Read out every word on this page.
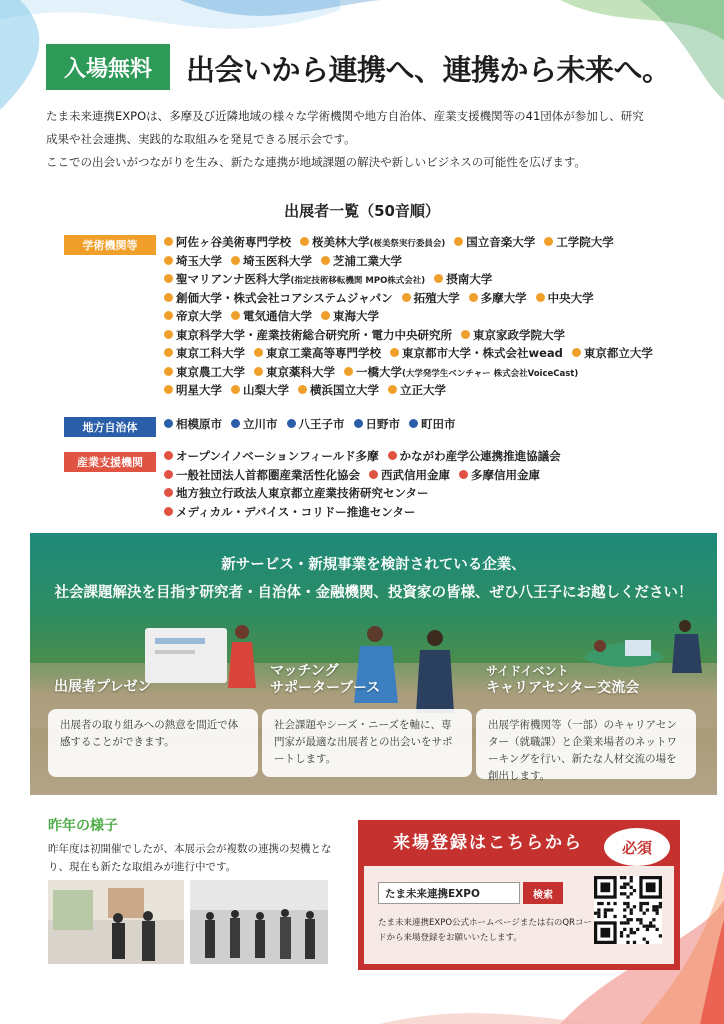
入場無料	出会いから連携へ、連携から未来へ。
たま未来連携EXPOは、多摩及び近隣地域の様々な学術機関や地方自治体、産業支援機関等の41団体が参加し、研究
成果や社会連携、実践的な取組みを発見できる展示会です。
ここでの出会いがつながりを生み、新たな連携が地域課題の解決や新しいビジネスの可能性を広げます。
出展者一覧（50音順）
学術機関等	阿佐ヶ谷美術専門学校 桜美林大学(桜美祭実行委員会) 国立音楽大学 工学院大学
埼玉大学 埼玉医科大学 芝浦工業大学
聖マリアンナ医科大学(指定技術移転機関 MPO株式会社) 摂南大学
創価大学・株式会社コアシステムジャパン 拓殖大学 多摩大学 中央大学
帝京大学 電気通信大学 東海大学
東京科学大学・産業技術総合研究所・電力中央研究所 東京家政学院大学
東京工科大学 東京工業高等専門学校 東京都市大学・株式会社wead 東京都立大学
東京農工大学 東京薬科大学 一橋大学(大学発学生ベンチャー 株式会社VoiceCast)
明星大学 山梨大学 横浜国立大学 立正大学
地方自治体	相模原市 立川市 八王子市 日野市 町田市
産業支援機関	オープンイノベーションフィールド多摩 かながわ産学公連携推進協議会
一般社団法人首都圏産業活性化協会 西武信用金庫 多摩信用金庫
地方独立行政法人東京都立産業技術研究センター
メディカル・デバイス・コリドー推進センター
新サービス・新規事業を検討されている企業、
社会課題解決を目指す研究者・自治体・金融機関、投資家の皆様、ぜひ八王子にお越しください！
出展者プレゼン
出展者の取り組みへの熱意を間近で体感することができます。
マッチング
サポーターブース
社会課題やシーズ・ニーズを軸に、専門家が最適な出展者との出会いをサポートします。
サイドイベント
キャリアセンター交流会
出展学術機関等（一部）のキャリアセンター（就職課）と企業来場者のネットワーキングを行い、新たな人材交流の場を創出します。
昨年の様子
昨年度は初開催でしたが、本展示会が複数の連携の契機となり、現在も新たな取組みが進行中です。
来場登録はこちらから	必須
たま未来連携EXPO	検索
たま未来連携EXPO公式ホームページまたは右のQRコードから来場登録をお願いいたします。
